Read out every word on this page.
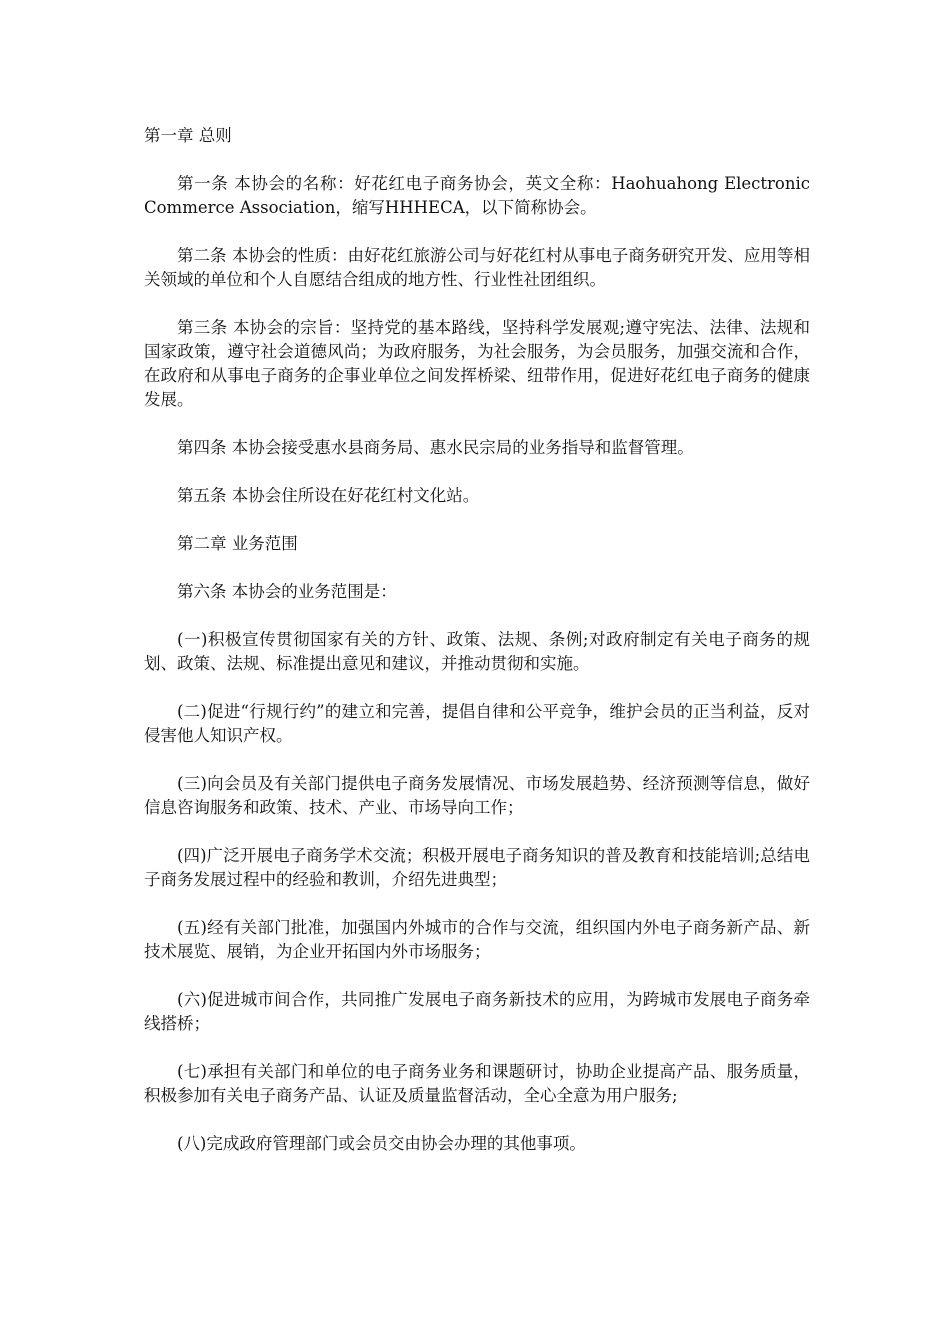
第一章 总则

第一条 本协会的名称：好花红电子商务协会，英文全称：Haohuahong Electronic Commerce Association，缩写HHHECA，以下简称协会。

第二条 本协会的性质：由好花红旅游公司与好花红村从事电子商务研究开发、应用等相关领域的单位和个人自愿结合组成的地方性、行业性社团组织。

第三条 本协会的宗旨：坚持党的基本路线，坚持科学发展观;遵守宪法、法律、法规和国家政策，遵守社会道德风尚；为政府服务，为社会服务，为会员服务，加强交流和合作，在政府和从事电子商务的企事业单位之间发挥桥梁、纽带作用，促进好花红电子商务的健康发展。

第四条 本协会接受惠水县商务局、惠水民宗局的业务指导和监督管理。

第五条 本协会住所设在好花红村文化站。

第二章 业务范围

第六条 本协会的业务范围是：

(一)积极宣传贯彻国家有关的方针、政策、法规、条例;对政府制定有关电子商务的规划、政策、法规、标准提出意见和建议，并推动贯彻和实施。

(二)促进“行规行约”的建立和完善，提倡自律和公平竞争，维护会员的正当利益，反对侵害他人知识产权。

(三)向会员及有关部门提供电子商务发展情况、市场发展趋势、经济预测等信息，做好信息咨询服务和政策、技术、产业、市场导向工作；

(四)广泛开展电子商务学术交流；积极开展电子商务知识的普及教育和技能培训;总结电子商务发展过程中的经验和教训，介绍先进典型；

(五)经有关部门批准，加强国内外城市的合作与交流，组织国内外电子商务新产品、新技术展览、展销，为企业开拓国内外市场服务；

(六)促进城市间合作，共同推广发展电子商务新技术的应用，为跨城市发展电子商务牵线搭桥；

(七)承担有关部门和单位的电子商务业务和课题研讨，协助企业提高产品、服务质量，积极参加有关电子商务产品、认证及质量监督活动，全心全意为用户服务;

(八)完成政府管理部门或会员交由协会办理的其他事项。
